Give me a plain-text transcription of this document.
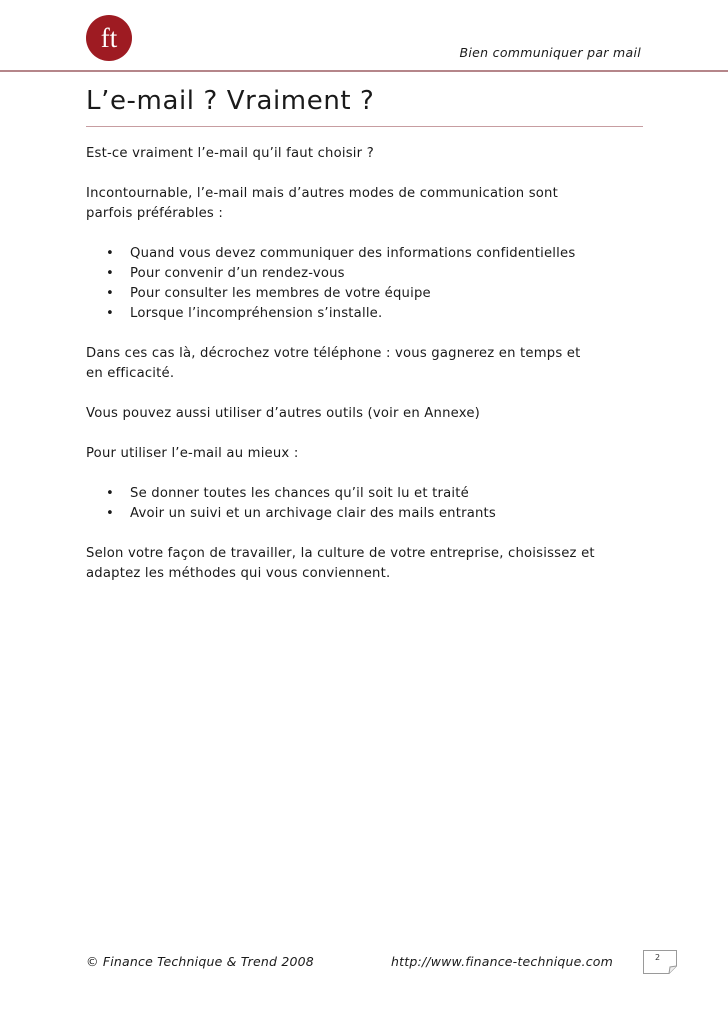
ft	Bien communiquer par mail
L’e-mail ? Vraiment ?

Est-ce vraiment l’e-mail qu’il faut choisir ?

Incontournable, l’e-mail mais d’autres modes de communication sont
parfois préférables :

• Quand vous devez communiquer des informations confidentielles
• Pour convenir d’un rendez-vous
• Pour consulter les membres de votre équipe
• Lorsque l’incompréhension s’installe.

Dans ces cas là, décrochez votre téléphone : vous gagnerez en temps et
en efficacité.

Vous pouvez aussi utiliser d’autres outils (voir en Annexe)

Pour utiliser l’e-mail au mieux :

• Se donner toutes les chances qu’il soit lu et traité
• Avoir un suivi et un archivage clair des mails entrants

Selon votre façon de travailler, la culture de votre entreprise, choisissez et
adaptez les méthodes qui vous conviennent.

© Finance Technique & Trend 2008	http://www.finance-technique.com	2
